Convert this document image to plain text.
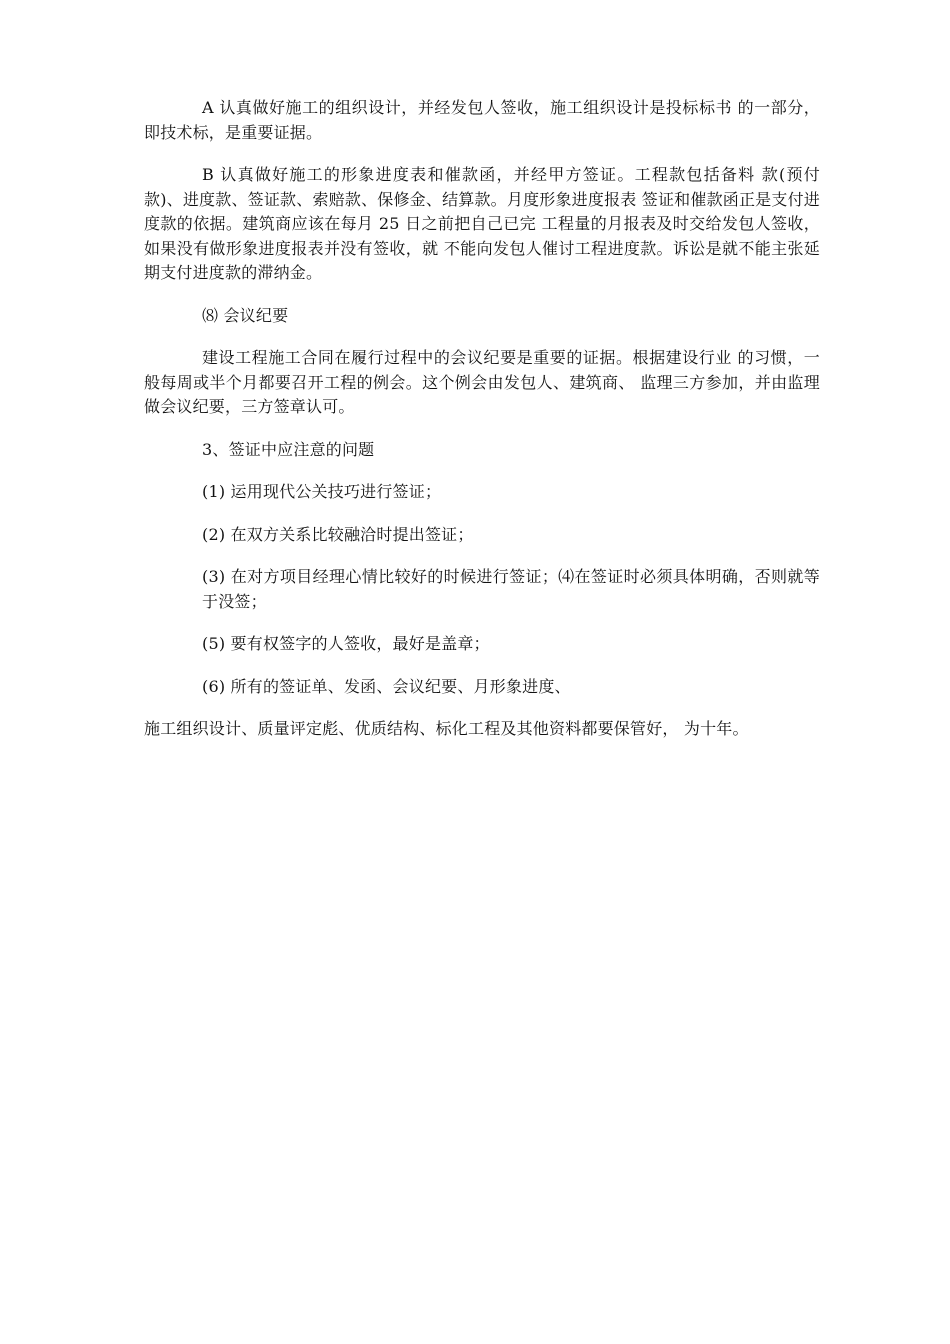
A 认真做好施工的组织设计，并经发包人签收，施工组织设计是投标标书 的一部分，即技术标，是重要证据。

B 认真做好施工的形象进度表和催款函，并经甲方签证。工程款包括备料 款(预付款)、进度款、签证款、索赔款、保修金、结算款。月度形象进度报表 签证和催款函正是支付进度款的依据。建筑商应该在每月 25 日之前把自己已完 工程量的月报表及时交给发包人签收，如果没有做形象进度报表并没有签收，就 不能向发包人催讨工程进度款。诉讼是就不能主张延期支付进度款的滞纳金。

⑻ 会议纪要

建设工程施工合同在履行过程中的会议纪要是重要的证据。根据建设行业 的习惯，一般每周或半个月都要召开工程的例会。这个例会由发包人、建筑商、 监理三方参加，并由监理做会议纪要，三方签章认可。

3、签证中应注意的问题

(1) 运用现代公关技巧进行签证；

(2) 在双方关系比较融洽时提出签证；

(3) 在对方项目经理心情比较好的时候进行签证；⑷在签证时必须具体明确，否则就等于没签；

(5) 要有权签字的人签收，最好是盖章；

(6) 所有的签证单、发函、会议纪要、月形象进度、

施工组织设计、质量评定彪、优质结构、标化工程及其他资料都要保管好， 为十年。
